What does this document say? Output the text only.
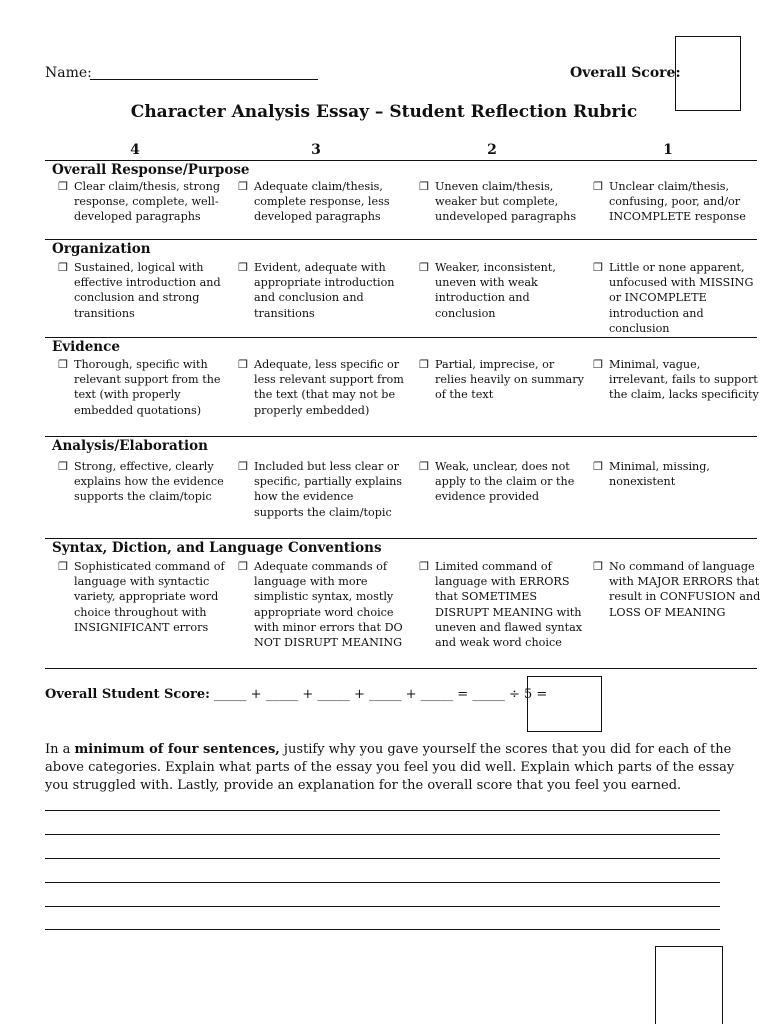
Name:	Overall Score:
Character Analysis Essay – Student Reflection Rubric
4	3	2	1
Overall Response/Purpose
❐ Clear claim/thesis, strong response, complete, well-developed paragraphs
❐ Adequate claim/thesis, complete response, less developed paragraphs
❐ Uneven claim/thesis, weaker but complete, undeveloped paragraphs
❐ Unclear claim/thesis, confusing, poor, and/or INCOMPLETE response
Organization
❐ Sustained, logical with effective introduction and conclusion and strong transitions
❐ Evident, adequate with appropriate introduction and conclusion and transitions
❐ Weaker, inconsistent, uneven with weak introduction and conclusion
❐ Little or none apparent, unfocused with MISSING or INCOMPLETE introduction and conclusion
Evidence
❐ Thorough, specific with relevant support from the text (with properly embedded quotations)
❐ Adequate, less specific or less relevant support from the text (that may not be properly embedded)
❐ Partial, imprecise, or relies heavily on summary of the text
❐ Minimal, vague, irrelevant, fails to support the claim, lacks specificity
Analysis/Elaboration
❐ Strong, effective, clearly explains how the evidence supports the claim/topic
❐ Included but less clear or specific, partially explains how the evidence supports the claim/topic
❐ Weak, unclear, does not apply to the claim or the evidence provided
❐ Minimal, missing, nonexistent
Syntax, Diction, and Language Conventions
❐ Sophisticated command of language with syntactic variety, appropriate word choice throughout with INSIGNIFICANT errors
❐ Adequate commands of language with more simplistic syntax, mostly appropriate word choice with minor errors that DO NOT DISRUPT MEANING
❐ Limited command of language with ERRORS that SOMETIMES DISRUPT MEANING with uneven and flawed syntax and weak word choice
❐ No command of language with MAJOR ERRORS that result in CONFUSION and LOSS OF MEANING
Overall Student Score: _____ + _____ + _____ + _____ + _____ = _____ ÷ 5 =
In a minimum of four sentences, justify why you gave yourself the scores that you did for each of the above categories. Explain what parts of the essay you feel you did well. Explain which parts of the essay you struggled with. Lastly, provide an explanation for the overall score that you feel you earned.
